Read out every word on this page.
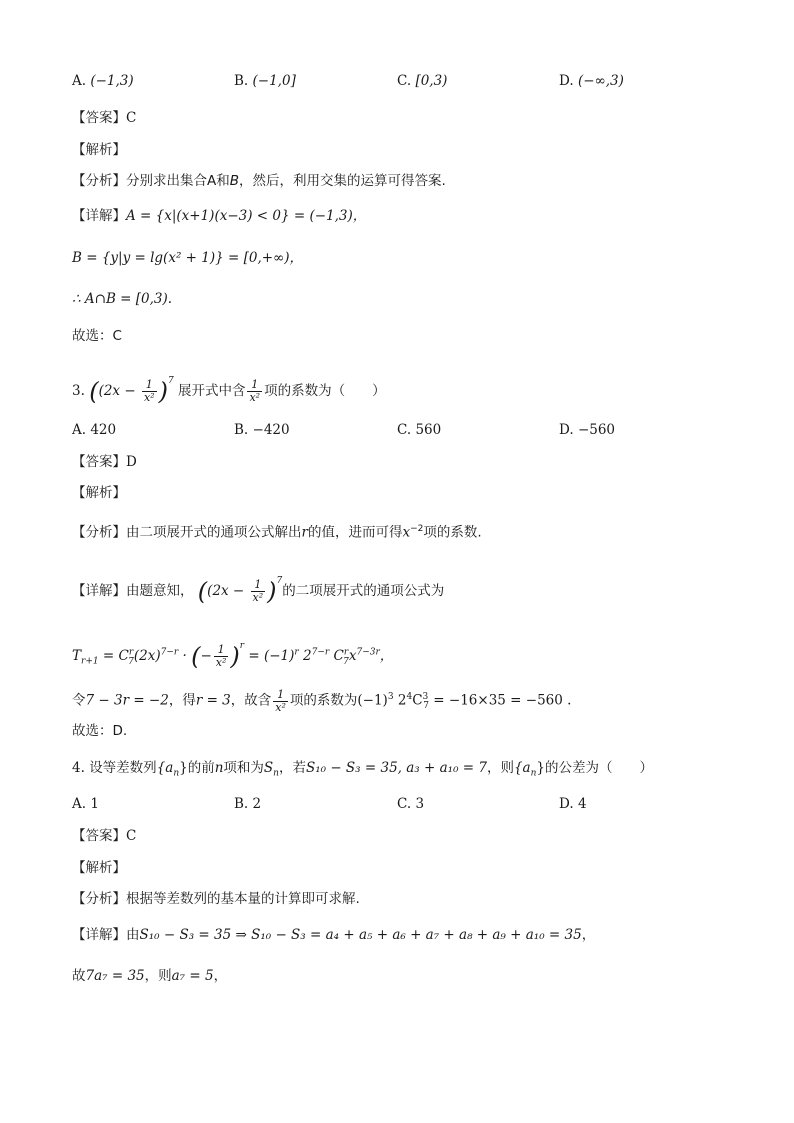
A. (−1,3)	B. (−1,0]	C. [0,3)	D. (−∞,3)
【答案】C
【解析】
【分析】分别求出集合A和B，然后，利用交集的运算可得答案.
【详解】A = {x|(x+1)(x−3) < 0} = (−1,3)，
B = {y|y = lg(x² + 1)} = [0,+∞)，
∴ A∩B = [0,3).
故选：C
3. ($(2x - \frac{1}{\text{x²}} )^7$ 展开式中含 $\frac{1}{\text{x²}}$ 项的系数为（　　）
A. 420	B. −420	C. 560	D. −560
【答案】D
【解析】
【分析】由二项展开式的通项公式解出r的值，进而可得$x^{-2}$项的系数.
【详解】由题意知， ($(2x - \frac{1}{\text{x²}} )^7$的二项展开式的通项公式为
$T_{r+1} = C^r_7(2x)^{7-r}$ · (− $\frac{1}{\text{x²}} )^r = (-1)^r$ $2^{7-r}$ $C^r_7x^{7-3r}$，
令7 − 3r = −2，得r = 3，故含 $\frac{1}{\text{x²}}$ 项的系数为$(-1)^3$ $2^4C^3_7 = -16\times 35 = -560$ .
故选：D.
4. 设等差数列$\{a_n\}$的前n项和为$S_n$，若S₁₀ − S₃ = 35, a₃ + a₁₀ = 7，则$\{a_n\}$的公差为（　　）
A. 1	B. 2	C. 3	D. 4
【答案】C
【解析】
【分析】根据等差数列的基本量的计算即可求解.
【详解】由S₁₀ − S₃ = 35 ⇒ S₁₀ − S₃ = a₄ + a₅ + a₆ + a₇ + a₈ + a₉ + a₁₀ = 35，
故7a₇ = 35，则a₇ = 5，
